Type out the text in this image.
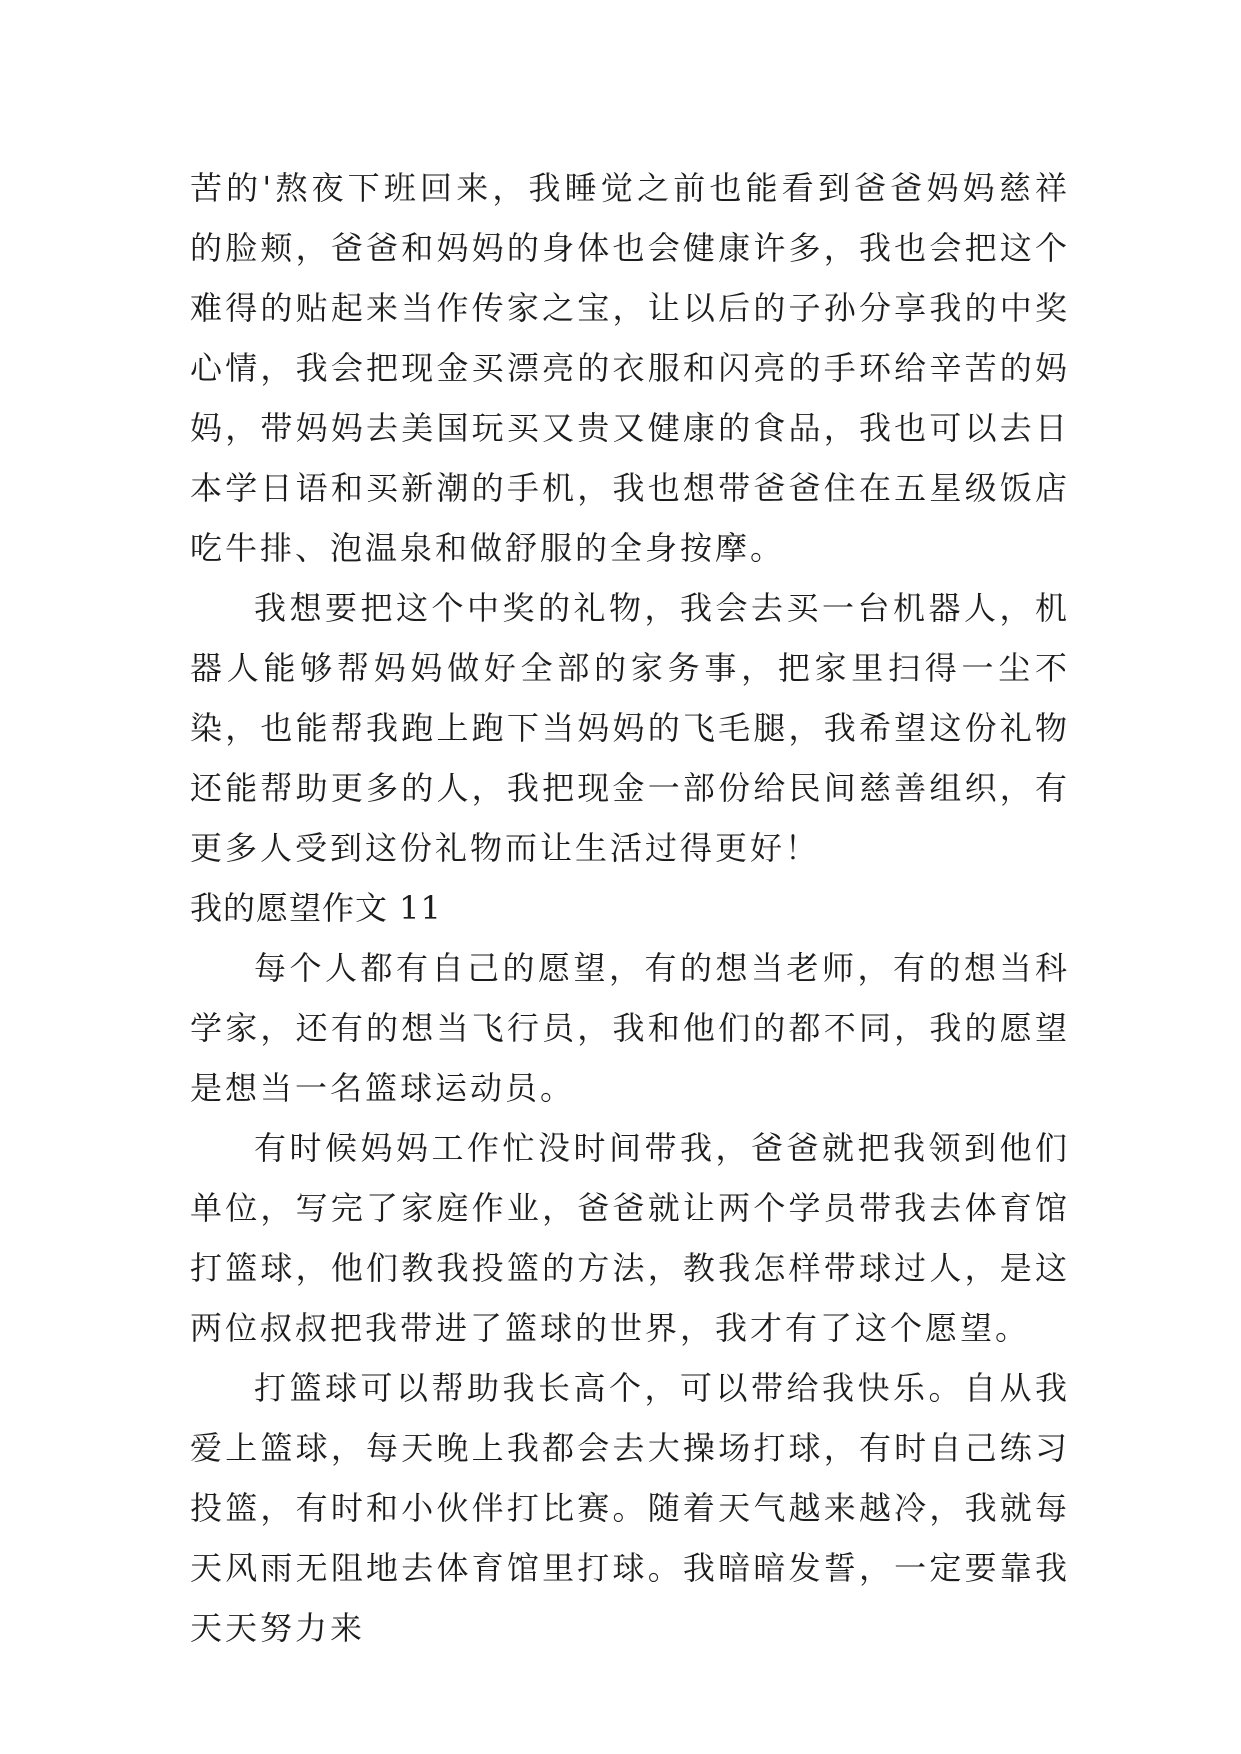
苦的'熬夜下班回来，我睡觉之前也能看到爸爸妈妈慈祥的脸颊，爸爸和妈妈的身体也会健康许多，我也会把这个难得的贴起来当作传家之宝，让以后的子孙分享我的中奖心情，我会把现金买漂亮的衣服和闪亮的手环给辛苦的妈妈，带妈妈去美国玩买又贵又健康的食品，我也可以去日本学日语和买新潮的手机，我也想带爸爸住在五星级饭店吃牛排、泡温泉和做舒服的全身按摩。

我想要把这个中奖的礼物，我会去买一台机器人，机器人能够帮妈妈做好全部的家务事，把家里扫得一尘不染，也能帮我跑上跑下当妈妈的飞毛腿，我希望这份礼物还能帮助更多的人，我把现金一部份给民间慈善组织，有更多人受到这份礼物而让生活过得更好！

我的愿望作文 11

每个人都有自己的愿望，有的想当老师，有的想当科学家，还有的想当飞行员，我和他们的都不同，我的愿望是想当一名篮球运动员。

有时候妈妈工作忙没时间带我，爸爸就把我领到他们单位，写完了家庭作业，爸爸就让两个学员带我去体育馆打篮球，他们教我投篮的方法，教我怎样带球过人，是这两位叔叔把我带进了篮球的世界，我才有了这个愿望。

打篮球可以帮助我长高个，可以带给我快乐。自从我爱上篮球，每天晚上我都会去大操场打球，有时自己练习投篮，有时和小伙伴打比赛。随着天气越来越冷，我就每天风雨无阻地去体育馆里打球。我暗暗发誓，一定要靠我天天努力来
